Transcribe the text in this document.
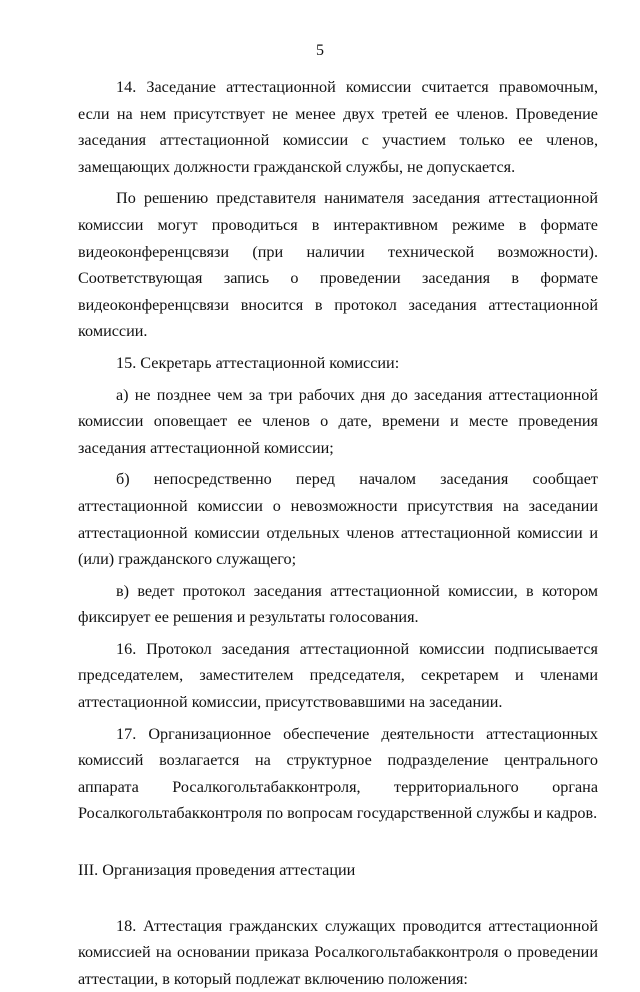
5

14. Заседание аттестационной комиссии считается правомочным, если на нем присутствует не менее двух третей ее членов. Проведение заседания аттестационной комиссии с участием только ее членов, замещающих должности гражданской службы, не допускается.

По решению представителя нанимателя заседания аттестационной комиссии могут проводиться в интерактивном режиме в формате видеоконференцсвязи (при наличии технической возможности). Соответствующая запись о проведении заседания в формате видеоконференцсвязи вносится в протокол заседания аттестационной комиссии.

15. Секретарь аттестационной комиссии:

а) не позднее чем за три рабочих дня до заседания аттестационной комиссии оповещает ее членов о дате, времени и месте проведения заседания аттестационной комиссии;

б) непосредственно перед началом заседания сообщает аттестационной комиссии о невозможности присутствия на заседании аттестационной комиссии отдельных членов аттестационной комиссии и (или) гражданского служащего;

в) ведет протокол заседания аттестационной комиссии, в котором фиксирует ее решения и результаты голосования.

16. Протокол заседания аттестационной комиссии подписывается председателем, заместителем председателя, секретарем и членами аттестационной комиссии, присутствовавшими на заседании.

17. Организационное обеспечение деятельности аттестационных комиссий возлагается на структурное подразделение центрального аппарата Росалкогольтабакконтроля, территориального органа Росалкогольтабакконтроля по вопросам государственной службы и кадров.

III. Организация проведения аттестации

18. Аттестация гражданских служащих проводится аттестационной комиссией на основании приказа Росалкогольтабакконтроля о проведении аттестации, в который подлежат включению положения:
